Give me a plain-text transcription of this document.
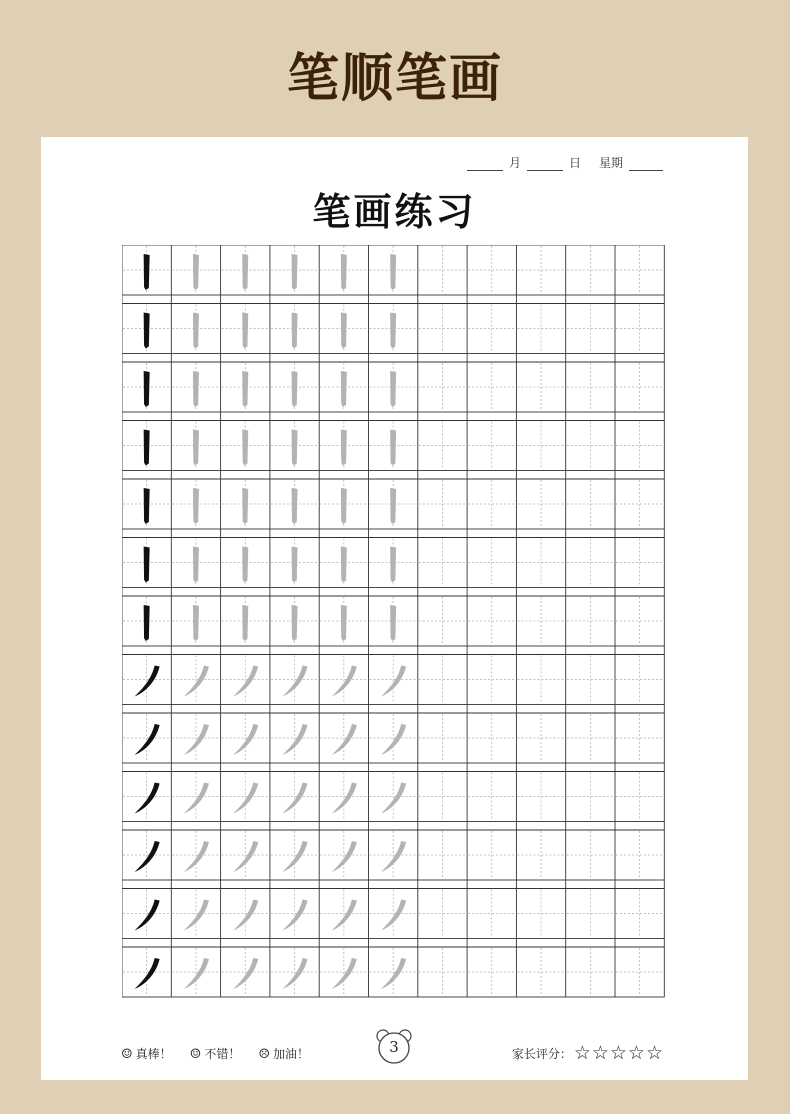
笔顺笔画
月	日 星期
笔画练习
☺ 真棒！ ☺ 不错！ ☹ 加油！	3	家长评分： ☆☆☆☆☆
